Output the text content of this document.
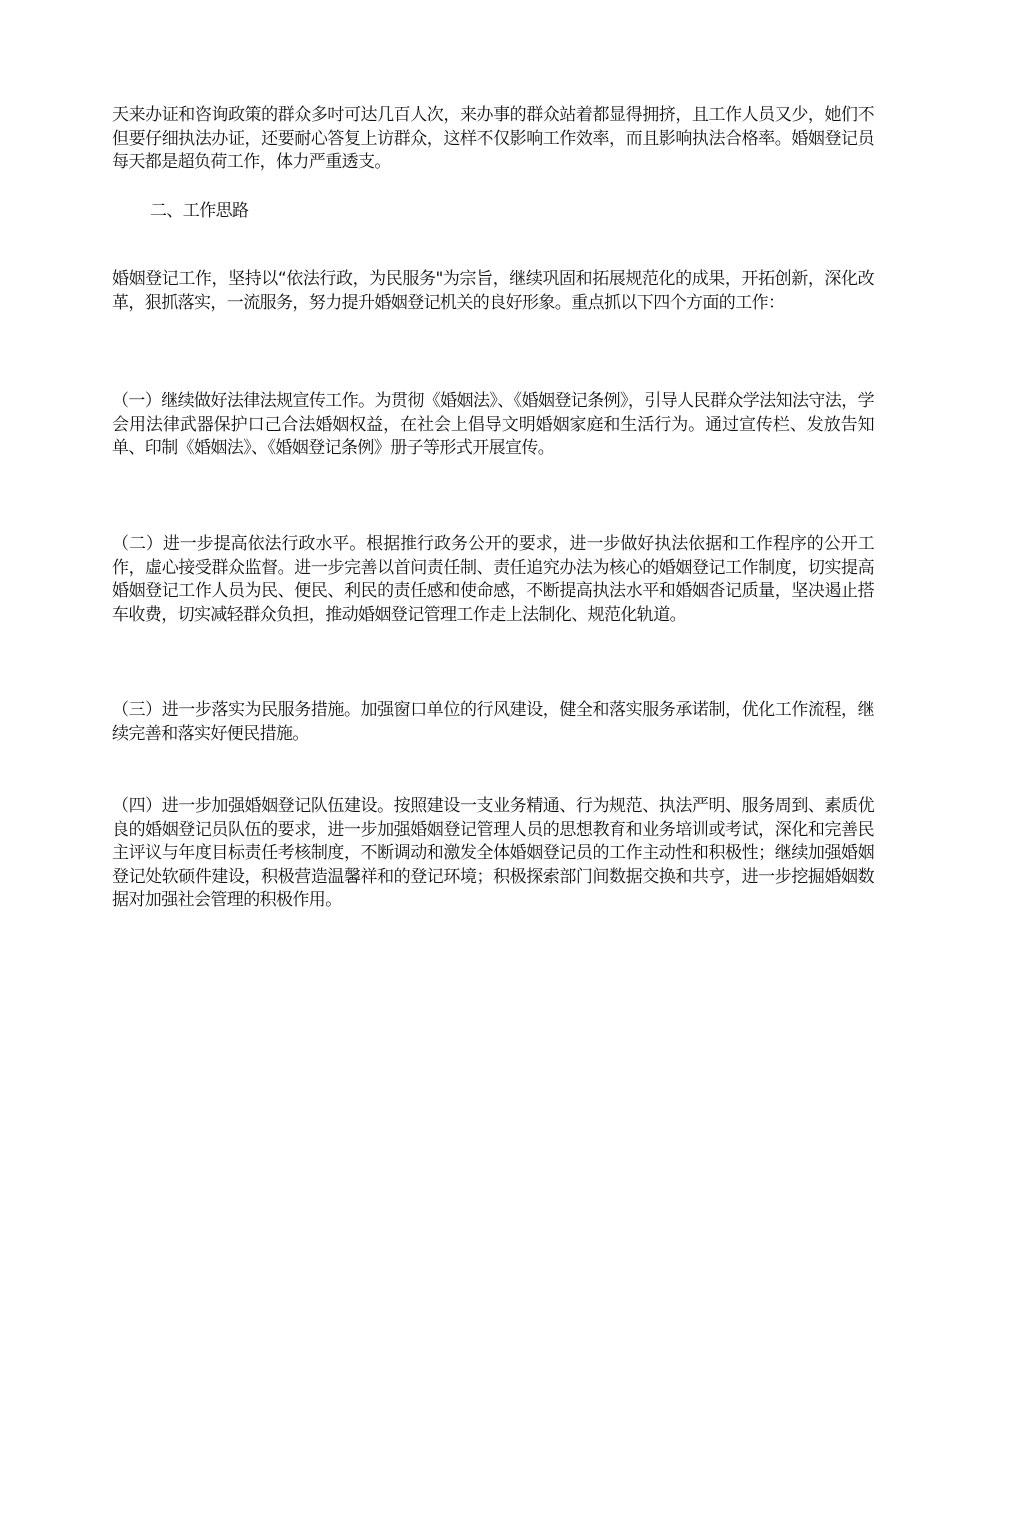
天来办证和咨询政策的群众多吋可达几百人次，来办事的群众站着都显得拥挤，且工作人员又少，她们不但要仔细执法办证，还要耐心答复上访群众，这样不仅影响工作效率，而且影响执法合格率。婚姻登记员每天都是超负荷工作，体力严重透支。

二、工作思路

婚姻登记工作，坚持以“依法行政，为民服务"为宗旨，继续巩固和拓展规范化的成果，开拓创新，深化改革，狠抓落实，一流服务，努力提升婚姻登记机关的良好形象。重点抓以下四个方面的工作：

（一）继续做好法律法规宣传工作。为贯彻《婚姻法》、《婚姻登记条例》，引导人民群众学法知法守法，学会用法律武器保护口己合法婚姻权益，在社会上倡导文明婚姻家庭和生活行为。通过宣传栏、发放告知单、印制《婚姻法》、《婚姻登记条例》册子等形式开展宣传。

（二）进一步提高依法行政水平。根据推行政务公开的要求，进一步做好执法依据和工作程序的公开工作，虛心接受群众监督。进一步完善以首问责任制、责任追究办法为核心的婚姻登记工作制度，切实提高婚姻登记工作人员为民、便民、利民的责任感和使命感，不断提高执法水平和婚姻沓记质量，坚决遏止搭车收费，切实减轻群众负担，推动婚姻登记管理工作走上法制化、规范化轨道。

（三）进一步落实为民服务措施。加强窗口单位的行风建设，健全和落实服务承诺制，优化工作流程，继续完善和落实好便民措施。

（四）进一步加强婚姻登记队伍建设。按照建设一支业务精通、行为规范、执法严明、服务周到、素质优良的婚姻登记员队伍的要求，进一步加强婚姻登记管理人员的思想教育和业务培训或考试，深化和完善民主评议与年度目标责任考核制度，不断调动和激发全体婚姻登记员的工作主动性和积极性；继续加强婚姻登记处软硕件建设，积极营造温馨祥和的登记环境；积极探索部门间数据交换和共亨，进一步挖掘婚姻数据对加强社会管理的积极作用。
